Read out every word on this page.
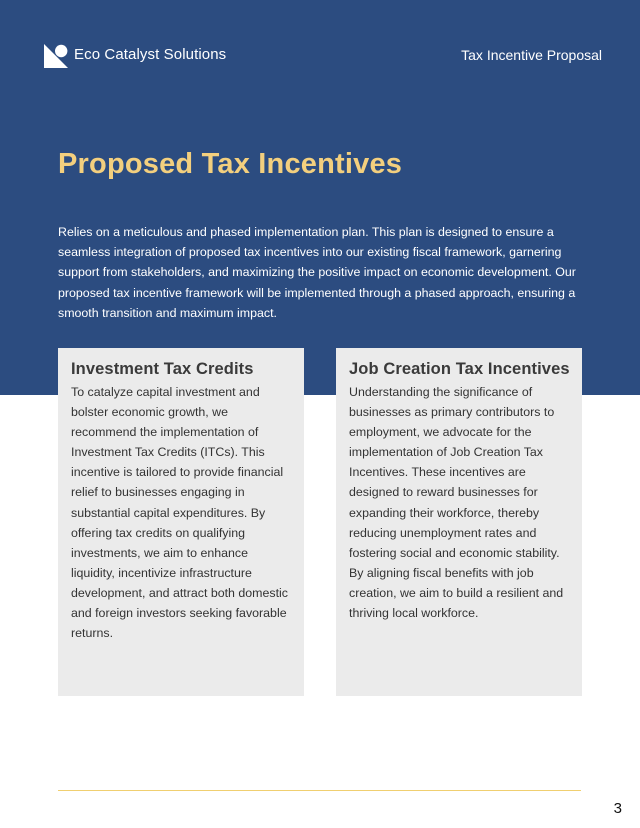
Eco Catalyst Solutions	Tax Incentive Proposal
Proposed Tax Incentives

Relies on a meticulous and phased implementation plan. This plan is designed to ensure a seamless integration of proposed tax incentives into our existing fiscal framework, garnering support from stakeholders, and maximizing the positive impact on economic development. Our proposed tax incentive framework will be implemented through a phased approach, ensuring a smooth transition and maximum impact.

Investment Tax Credits

To catalyze capital investment and bolster economic growth, we recommend the implementation of Investment Tax Credits (ITCs). This incentive is tailored to provide financial relief to businesses engaging in substantial capital expenditures. By offering tax credits on qualifying investments, we aim to enhance liquidity, incentivize infrastructure development, and attract both domestic and foreign investors seeking favorable returns.

Job Creation Tax Incentives

Understanding the significance of businesses as primary contributors to employment, we advocate for the implementation of Job Creation Tax Incentives. These incentives are designed to reward businesses for expanding their workforce, thereby reducing unemployment rates and fostering social and economic stability. By aligning fiscal benefits with job creation, we aim to build a resilient and thriving local workforce.

3
